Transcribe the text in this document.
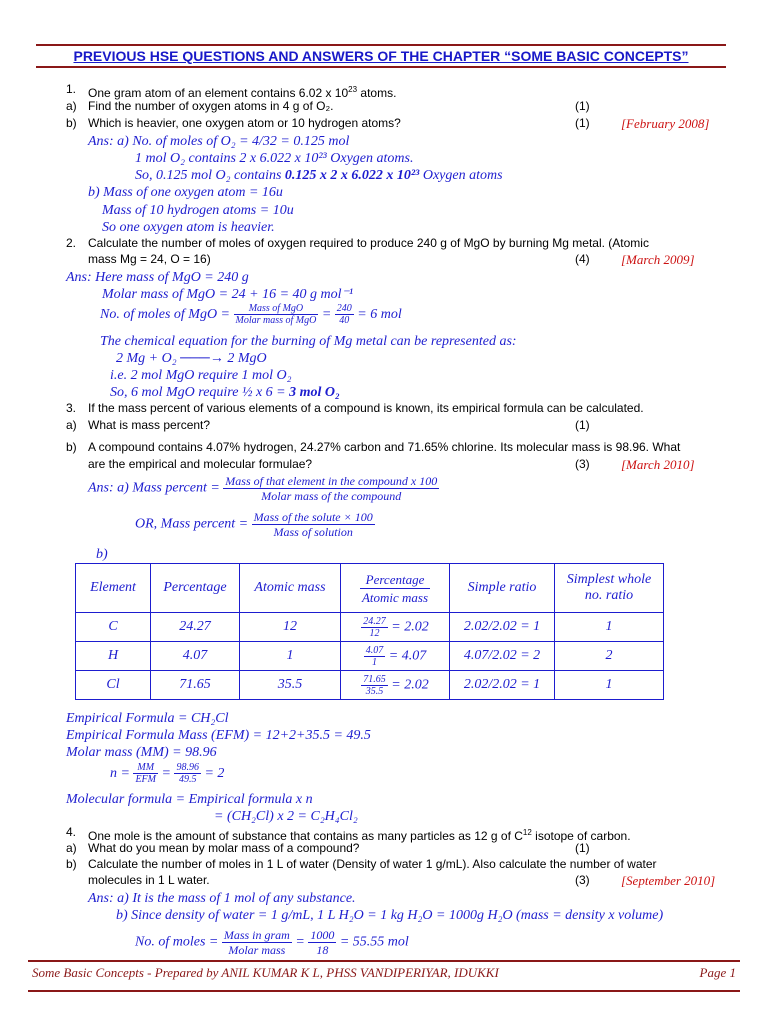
PREVIOUS HSE QUESTIONS AND ANSWERS OF THE CHAPTER “SOME BASIC CONCEPTS”
1. One gram atom of an element contains 6.02 x $10^{23}$ atoms.
a) Find the number of oxygen atoms in 4 g of O₂.	(1)
b) Which is heavier, one oxygen atom or 10 hydrogen atoms?	(1) [February 2008]
Ans: a) No. of moles of O₂ = 4/32 = 0.125 mol
1 mol O₂ contains 2 x 6.022 x 10²³ Oxygen atoms.
So, 0.125 mol O₂ contains 0.125 x 2 x 6.022 x 10²³ Oxygen atoms
b) Mass of one oxygen atom = 16u
Mass of 10 hydrogen atoms = 10u
So one oxygen atom is heavier.
2. Calculate the number of moles of oxygen required to produce 240 g of MgO by burning Mg metal. (Atomic
mass Mg = 24, O = 16)	(4) [March 2009]
Ans: Here mass of MgO = 240 g
Molar mass of MgO = 24 + 16 = 40 g mol⁻¹
No. of moles of MgO = $\frac{\text{Mass of MgO}}{\text{Molar mass of MgO}} = \frac{240}{40} = 6$ mol
The chemical equation for the burning of Mg metal can be represented as:
2 Mg + O₂ ───→ 2 MgO
i.e. 2 mol MgO require 1 mol O₂
So, 6 mol MgO require ½ x 6 = 3 mol O₂
3. If the mass percent of various elements of a compound is known, its empirical formula can be calculated.
a) What is mass percent?	(1)
b) A compound contains 4.07% hydrogen, 24.27% carbon and 71.65% chlorine. Its molecular mass is 98.96. What
are the empirical and molecular formulae?	(3) [March 2010]
Ans: a) Mass percent = $\frac{\text{Mass of that element in the compound x 100}}{\text{Molar mass of the compound}}$
OR, Mass percent = $\frac{\text{Mass of the solute × 100}}{\text{Mass of solution}}$
b)
Element	Percentage	Atomic mass	$\frac{\text{Percentage}}{\text{Atomic mass}}$	Simple ratio	Simplest whole no. ratio
C	24.27	12	$\frac{24.27}{12} = 2.02$	2.02/2.02 = 1	1
H	4.07	1	$\frac{4.07}{1} = 4.07$	4.07/2.02 = 2	2
Cl	71.65	35.5	$\frac{71.65}{35.5} = 2.02$	2.02/2.02 = 1	1
Empirical Formula = CH₂Cl
Empirical Formula Mass (EFM) = 12+2+35.5 = 49.5
Molar mass (MM) = 98.96
$n = \frac{MM}{\text{EFM}} = \frac{98.96}{49.5} = 2$
Molecular formula = Empirical formula x n
= (CH₂Cl) x 2 = C₂H₄Cl₂
4. One mole is the amount of substance that contains as many particles as 12 g of $C^{12}$ isotope of carbon.
a) What do you mean by molar mass of a compound?	(1)
b) Calculate the number of moles in 1 L of water (Density of water 1 g/mL). Also calculate the number of water
molecules in 1 L water.	(3) [September 2010]
Ans: a) It is the mass of 1 mol of any substance.
b) Since density of water = 1 g/mL, 1 L H₂O = 1 kg H₂O = 1000g H₂O (mass = density x volume)
No. of moles = $\frac{\text{Mass in gram}}{\text{Molar mass}} = \frac{1000}{18} = 55.55$ mol
Some Basic Concepts - Prepared by ANIL KUMAR K L, PHSS VANDIPERIYAR, IDUKKI	Page 1
